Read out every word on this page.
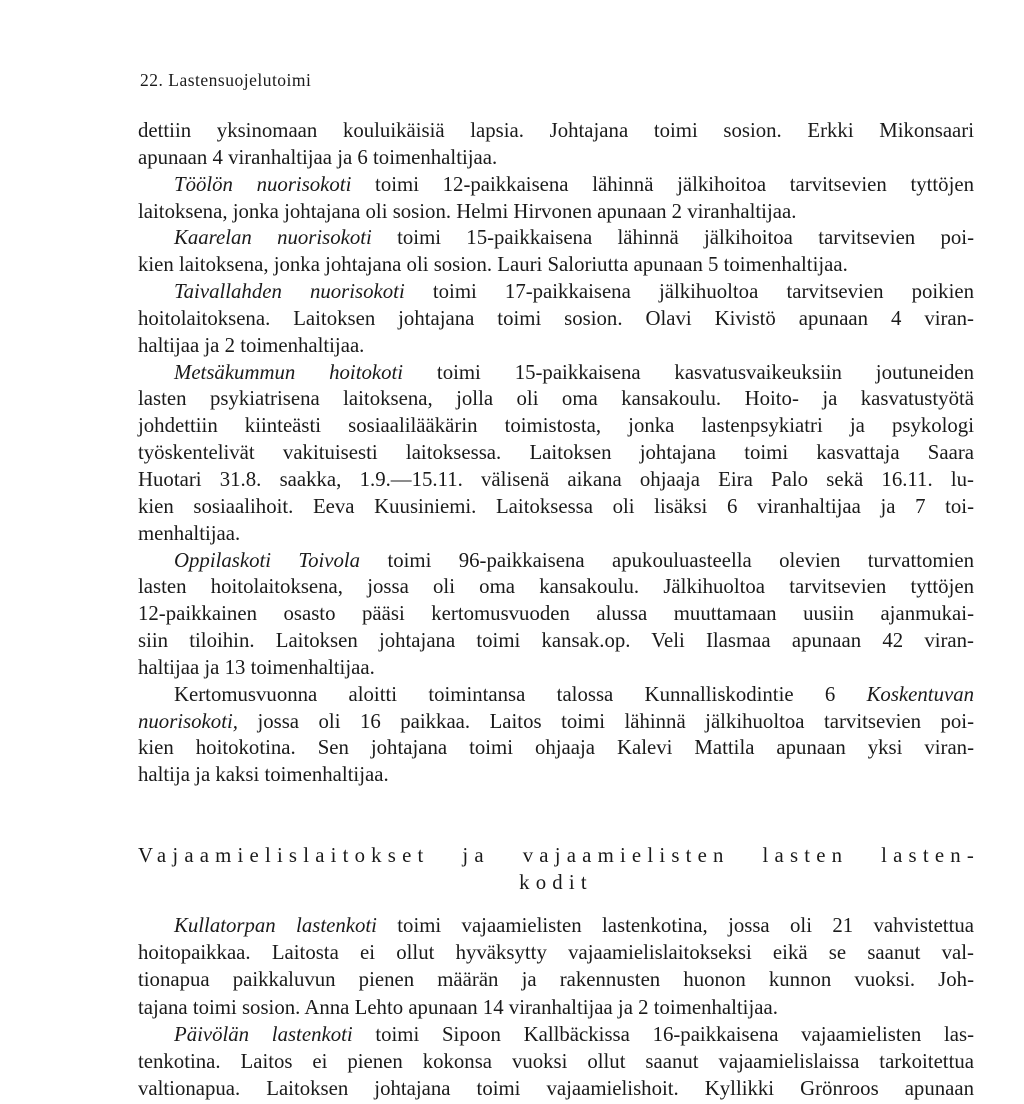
22. Lastensuojelutoimi
dettiin yksinomaan kouluikäisiä lapsia. Johtajana toimi sosion. Erkki Mikonsaari
apunaan 4 viranhaltijaa ja 6 toimenhaltijaa.
Töölön nuorisokoti toimi 12-paikkaisena lähinnä jälkihoitoa tarvitsevien tyttöjen
laitoksena, jonka johtajana oli sosion. Helmi Hirvonen apunaan 2 viranhaltijaa.
Kaarelan nuorisokoti toimi 15-paikkaisena lähinnä jälkihoitoa tarvitsevien poi-
kien laitoksena, jonka johtajana oli sosion. Lauri Saloriutta apunaan 5 toimenhaltijaa.
Taivallahden nuorisokoti toimi 17-paikkaisena jälkihuoltoa tarvitsevien poikien
hoitolaitoksena. Laitoksen johtajana toimi sosion. Olavi Kivistö apunaan 4 viran-
haltijaa ja 2 toimenhaltijaa.
Metsäkummun hoitokoti toimi 15-paikkaisena kasvatusvaikeuksiin joutuneiden
lasten psykiatrisena laitoksena, jolla oli oma kansakoulu. Hoito- ja kasvatustyötä
johdettiin kiinteästi sosiaalilääkärin toimistosta, jonka lastenpsykiatri ja psykologi
työskentelivät vakituisesti laitoksessa. Laitoksen johtajana toimi kasvattaja Saara
Huotari 31.8. saakka, 1.9.—15.11. välisenä aikana ohjaaja Eira Palo sekä 16.11. lu-
kien sosiaalihoit. Eeva Kuusiniemi. Laitoksessa oli lisäksi 6 viranhaltijaa ja 7 toi-
menhaltijaa.
Oppilaskoti Toivola toimi 96-paikkaisena apukouluasteella olevien turvattomien
lasten hoitolaitoksena, jossa oli oma kansakoulu. Jälkihuoltoa tarvitsevien tyttöjen
12-paikkainen osasto pääsi kertomusvuoden alussa muuttamaan uusiin ajanmukai-
siin tiloihin. Laitoksen johtajana toimi kansak.op. Veli Ilasmaa apunaan 42 viran-
haltijaa ja 13 toimenhaltijaa.
Kertomusvuonna aloitti toimintansa talossa Kunnalliskodintie 6 Koskentuvan
nuorisokoti, jossa oli 16 paikkaa. Laitos toimi lähinnä jälkihuoltoa tarvitsevien poi-
kien hoitokotina. Sen johtajana toimi ohjaaja Kalevi Mattila apunaan yksi viran-
haltija ja kaksi toimenhaltijaa.
Vajaamielislaitokset ja vajaamielisten lasten lasten-
kodit
Kullatorpan lastenkoti toimi vajaamielisten lastenkotina, jossa oli 21 vahvistettua
hoitopaikkaa. Laitosta ei ollut hyväksytty vajaamielislaitokseksi eikä se saanut val-
tionapua paikkaluvun pienen määrän ja rakennusten huonon kunnon vuoksi. Joh-
tajana toimi sosion. Anna Lehto apunaan 14 viranhaltijaa ja 2 toimenhaltijaa.
Päivölän lastenkoti toimi Sipoon Kallbäckissa 16-paikkaisena vajaamielisten las-
tenkotina. Laitos ei pienen kokonsa vuoksi ollut saanut vajaamielislaissa tarkoitettua
valtionapua. Laitoksen johtajana toimi vajaamielishoit. Kyllikki Grönroos apunaan
